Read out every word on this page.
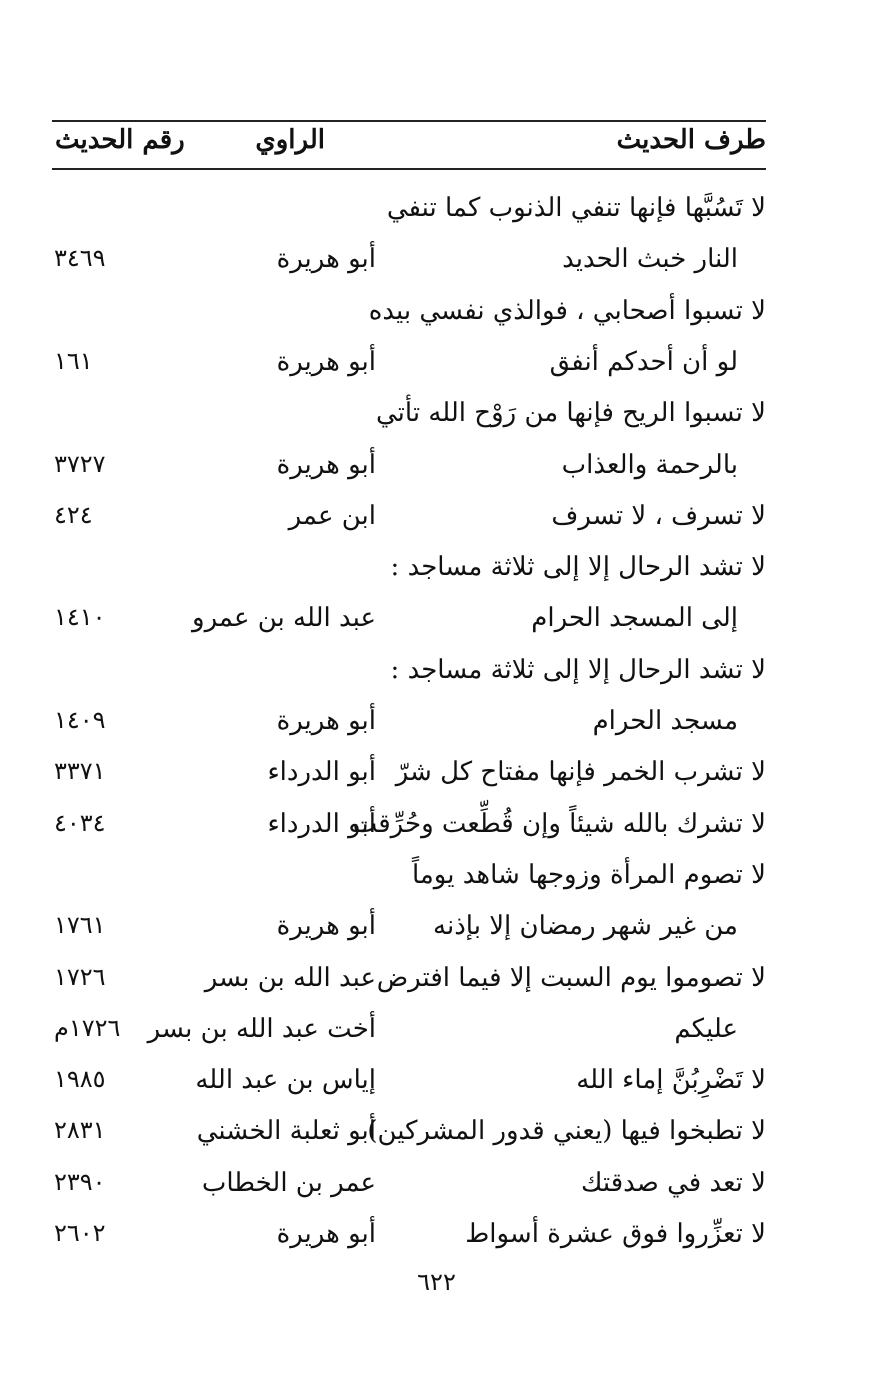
طرف الحديث
الراوي
رقم الحديث
لا تَسُبَّها فإنها تنفي الذنوب كما تنفي
النار خبث الحديد
أبو هريرة
٣٤٦٩
لا تسبوا أصحابي ، فوالذي نفسي بيده
لو أن أحدكم أنفق
أبو هريرة
١٦١
لا تسبوا الريح فإنها من رَوْح الله تأتي
بالرحمة والعذاب
أبو هريرة
٣٧٢٧
لا تسرف ، لا تسرف
ابن عمر
٤٢٤
لا تشد الرحال إلا إلى ثلاثة مساجد :
إلى المسجد الحرام
عبد الله بن عمرو
١٤١٠
لا تشد الرحال إلا إلى ثلاثة مساجد :
مسجد الحرام
أبو هريرة
١٤٠٩
لا تشرب الخمر فإنها مفتاح كل شرّ
أبو الدرداء
٣٣٧١
لا تشرك بالله شيئاً وإن قُطِّعت وحُرِّقت
أبو الدرداء
٤٠٣٤
لا تصوم المرأة وزوجها شاهد يوماً
من غير شهر رمضان إلا بإذنه
أبو هريرة
١٧٦١
لا تصوموا يوم السبت إلا فيما افترض
عبد الله بن بسر
١٧٢٦
عليكم
أخت عبد الله بن بسر
١٧٢٦م
لا تَضْرِبُنَّ إماء الله
إياس بن عبد الله
١٩٨٥
لا تطبخوا فيها (يعني قدور المشركين)
أبو ثعلبة الخشني
٢٨٣١
لا تعد في صدقتك
عمر بن الخطاب
٢٣٩٠
لا تعزِّروا فوق عشرة أسواط
أبو هريرة
٢٦٠٢
٦٢٢
